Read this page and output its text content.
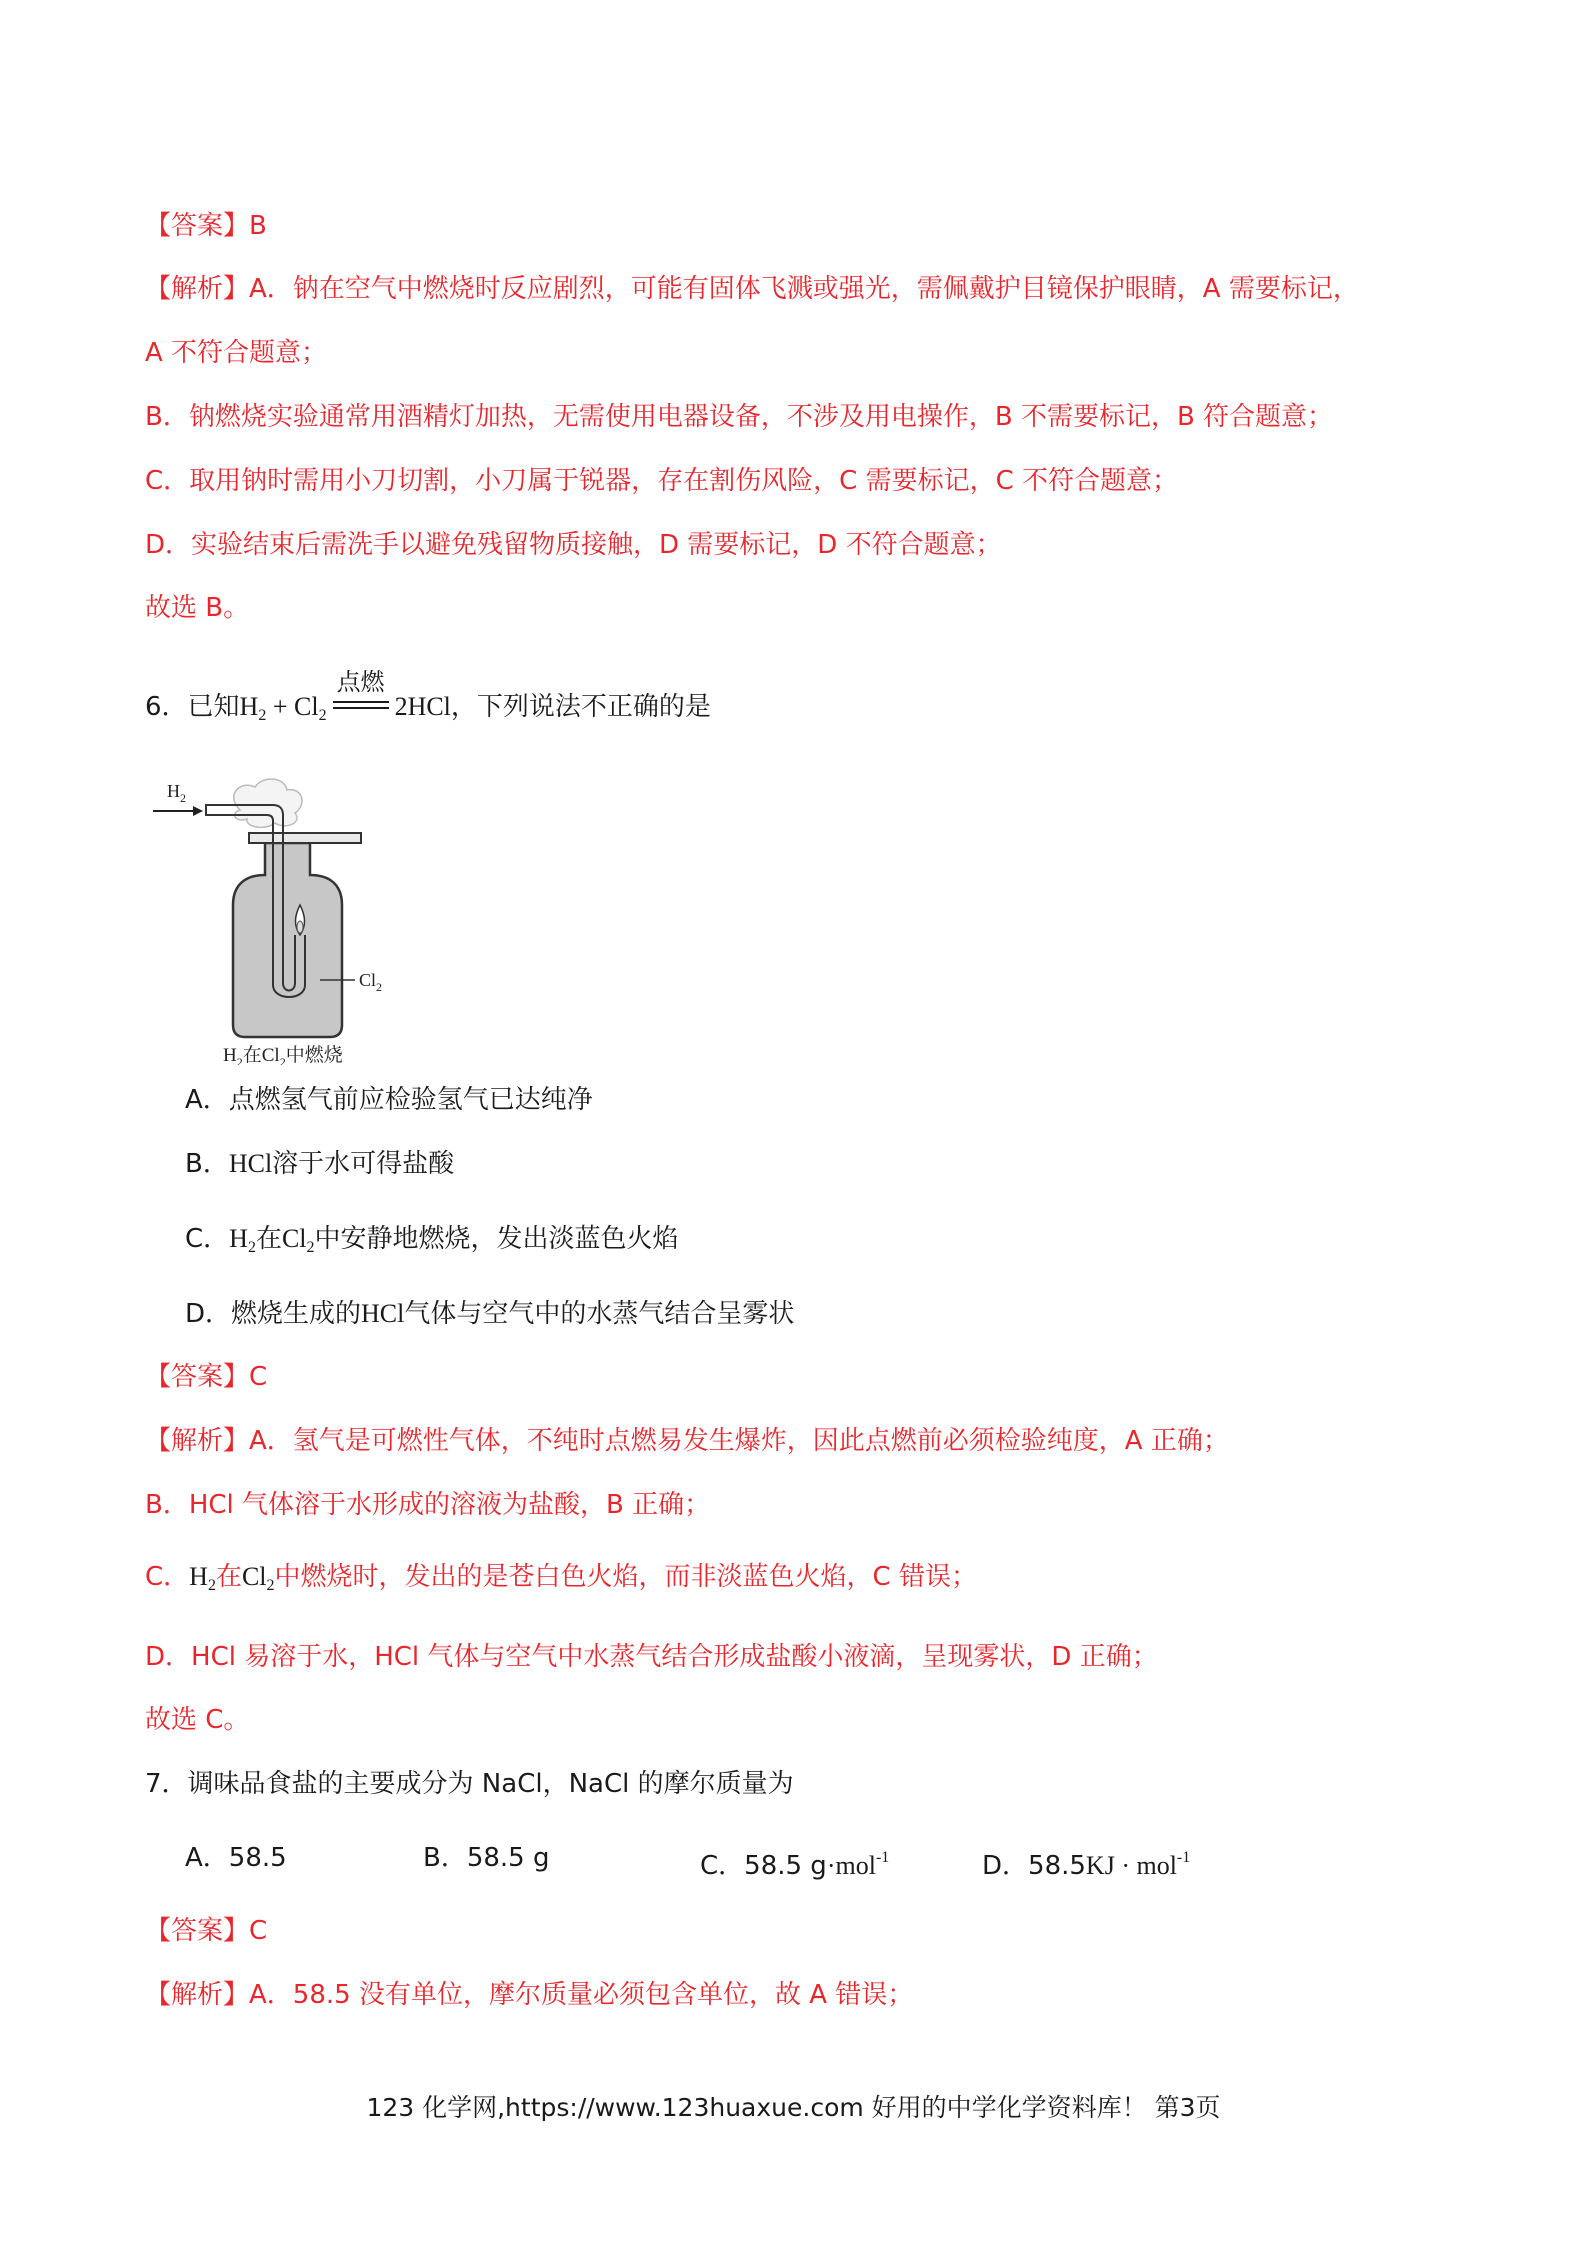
【答案】B
【解析】A．钠在空气中燃烧时反应剧烈，可能有固体飞溅或强光，需佩戴护目镜保护眼睛，A 需要标记，
A 不符合题意；
B．钠燃烧实验通常用酒精灯加热，无需使用电器设备，不涉及用电操作，B 不需要标记，B 符合题意；
C．取用钠时需用小刀切割，小刀属于锐器，存在割伤风险，C 需要标记，C 不符合题意；
D．实验结束后需洗手以避免残留物质接触，D 需要标记，D 不符合题意；
故选 B。
6．已知$H_2 + Cl_2$
点燃
2HCl，下列说法不正确的是
$Cl_2$
$H_2$
$H_2$在$Cl_2$中燃烧
A．点燃氢气前应检验氢气已达纯净
B．HCl溶于水可得盐酸
C．$H_2$在$Cl_2$中安静地燃烧，发出淡蓝色火焰
D．燃烧生成的HCl气体与空气中的水蒸气结合呈雾状
【答案】C
【解析】A．氢气是可燃性气体，不纯时点燃易发生爆炸，因此点燃前必须检验纯度，A 正确；
B．HCl 气体溶于水形成的溶液为盐酸，B 正确；
C．$H_2$在$Cl_2$中燃烧时，发出的是苍白色火焰，而非淡蓝色火焰，C 错误；
D．HCl 易溶于水，HCl 气体与空气中水蒸气结合形成盐酸小液滴，呈现雾状，D 正确；
故选 C。
7．调味品食盐的主要成分为 NaCl，NaCl 的摩尔质量为
A．58.5	B．58.5 g	C．58.5 g·mol$^{-1}$	D．58.5KJ · mol$^{-1}$
【答案】C
【解析】A．58.5 没有单位，摩尔质量必须包含单位，故 A 错误；
123 化学网,https://www.123huaxue.com 好用的中学化学资料库！ 第3页
